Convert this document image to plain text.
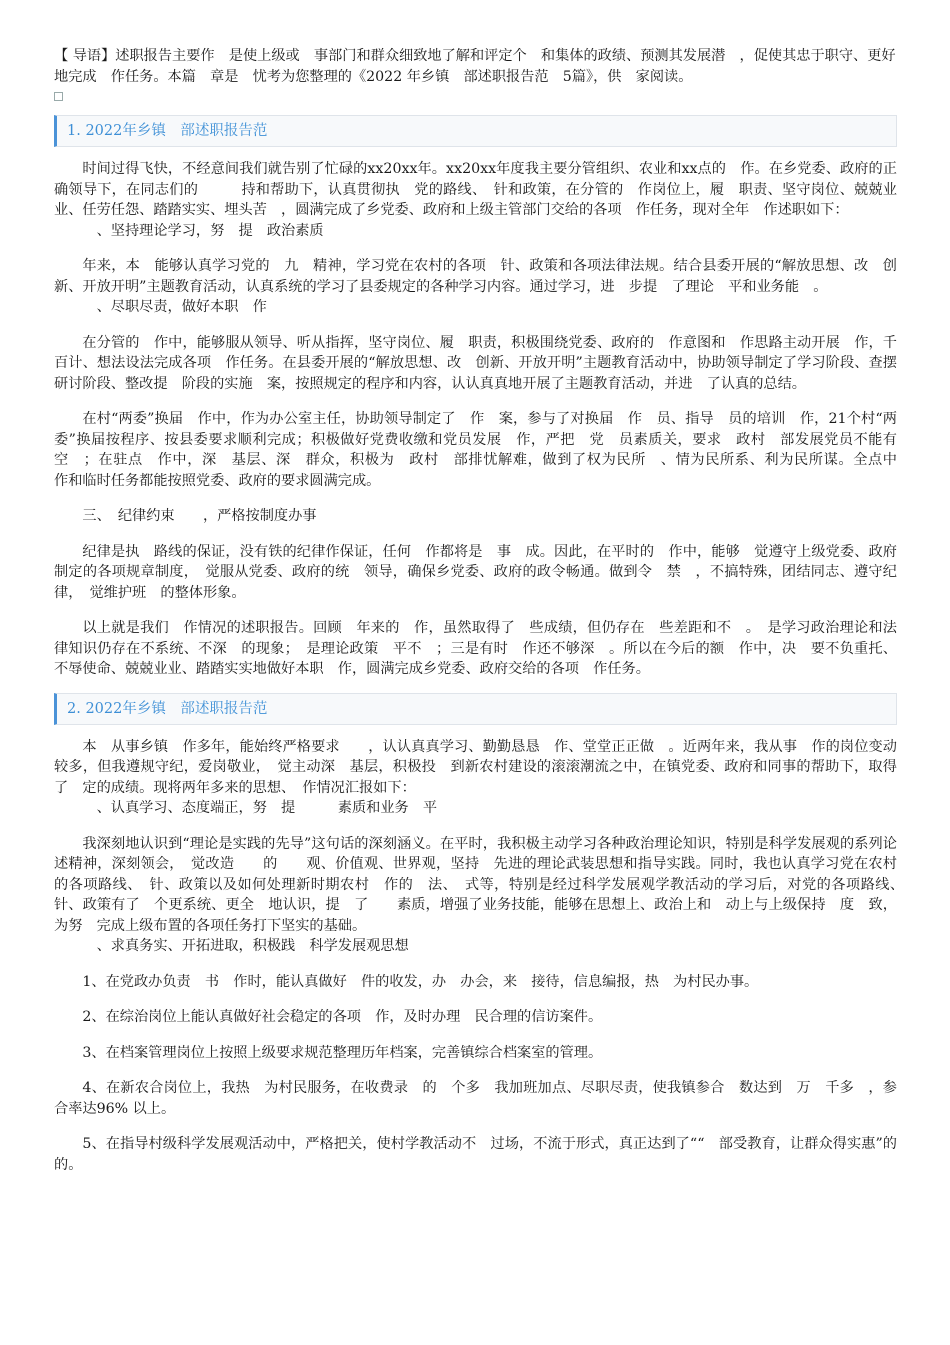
【 导语】述职报告主要作　是使上级或　事部门和群众细致地了解和评定个　和集体的政绩、预测其发展潜　，促使其忠于职守、更好地完成　作任务。本篇　章是　忧考为您整理的《2022 年乡镇　部述职报告范　5篇》，供　家阅读。

1. 2022年乡镇　部述职报告范

时间过得飞快，不经意间我们就告别了忙碌的xx20xx年。xx20xx年度我主要分管组织、农业和xx点的　作。在乡党委、政府的正确领导下，在同志们的　　　持和帮助下，认真贯彻执　党的路线、　针和政策，在分管的　作岗位上，履　职责、坚守岗位、兢兢业业、任劳任怨、踏踏实实、埋头苦　，圆满完成了乡党委、政府和上级主管部门交给的各项　作任务，现对全年　作述职如下：

、坚持理论学习，努　提　政治素质

年来，本　能够认真学习党的　九　精神，学习党在农村的各项　针、政策和各项法律法规。结合县委开展的“解放思想、改　创新、开放开明”主题教育活动，认真系统的学习了县委规定的各种学习内容。通过学习，进　步提　了理论　平和业务能　。

、尽职尽责，做好本职　作

在分管的　作中，能够服从领导、听从指挥，坚守岗位、履　职责，积极围绕党委、政府的　作意图和　作思路主动开展　作，千　百计、想法设法完成各项　作任务。在县委开展的“解放思想、改　创新、开放开明”主题教育活动中，协助领导制定了学习阶段、查摆研讨阶段、整改提　阶段的实施　案，按照规定的程序和内容，认认真真地开展了主题教育活动，并进　了认真的总结。

在村“两委”换届　作中，作为办公室主任，协助领导制定了　作　案，参与了对换届　作　员、指导　员的培训　作，21个村“两委”换届按程序、按县委要求顺利完成；积极做好党费收缴和党员发展　作，严把　党　员素质关，要求　政村　部发展党员不能有空　；在驻点　作中，深　基层、深　群众，积极为　政村　部排忧解难，做到了权为民所　、情为民所系、利为民所谋。全点中　　作和临时任务都能按照党委、政府的要求圆满完成。

三、　纪律约束　　，严格按制度办事

纪律是执　路线的保证，没有铁的纪律作保证，任何　作都将是　事　成。因此，在平时的　作中，能够　觉遵守上级党委、政府制定的各项规章制度，　觉服从党委、政府的统　领导，确保乡党委、政府的政令畅通。做到令　禁　，不搞特殊，团结同志、遵守纪律，　觉维护班　的整体形象。

以上就是我们　作情况的述职报告。回顾　年来的　作，虽然取得了　些成绩，但仍存在　些差距和不　。　是学习政治理论和法律知识仍存在不系统、不深　的现象；　是理论政策　平不　；三是有时　作还不够深　。所以在今后的额　作中，决　要不负重托、不辱使命、兢兢业业、踏踏实实地做好本职　作，圆满完成乡党委、政府交给的各项　作任务。

2. 2022年乡镇　部述职报告范

本　从事乡镇　作多年，能始终严格要求　　，认认真真学习、勤勤恳恳　作、堂堂正正做　。近两年来，我从事　作的岗位变动较多，但我遵规守纪，爱岗敬业，　觉主动深　基层，积极投　到新农村建设的滚滚潮流之中，在镇党委、政府和同事的帮助下，取得了　定的成绩。现将两年多来的思想、　作情况汇报如下：

、认真学习、态度端正，努　提　　　素质和业务　平

我深刻地认识到“理论是实践的先导”这句话的深刻涵义。在平时，我积极主动学习各种政治理论知识，特别是科学发展观的系列论述精神，深刻领会，　觉改造　　的　　观、价值观、世界观，坚持　先进的理论武装思想和指导实践。同时，我也认真学习党在农村的各项路线、　针、政策以及如何处理新时期农村　作的　法、　式等，特别是经过科学发展观学教活动的学习后，对党的各项路线、　针、政策有了　个更系统、更全　地认识，提　了　　素质，增强了业务技能，能够在思想上、政治上和　动上与上级保持　度　致，为努　完成上级布置的各项任务打下坚实的基础。

、求真务实、开拓进取，积极践　科学发展观思想

1、在党政办负责　书　作时，能认真做好　件的收发，办　办会，来　接待，信息编报，热　为村民办事。

2、在综治岗位上能认真做好社会稳定的各项　作，及时办理　民合理的信访案件。

3、在档案管理岗位上按照上级要求规范整理历年档案，完善镇综合档案室的管理。

4、在新农合岗位上，我热　为村民服务，在收费录　的　个多　我加班加点、尽职尽责，使我镇参合　数达到　万　千多　，参合率达96% 以上。

5、在指导村级科学发展观活动中，严格把关，使村学教活动不　过场，不流于形式，真正达到了““　部受教育，让群众得实惠”的　的。
